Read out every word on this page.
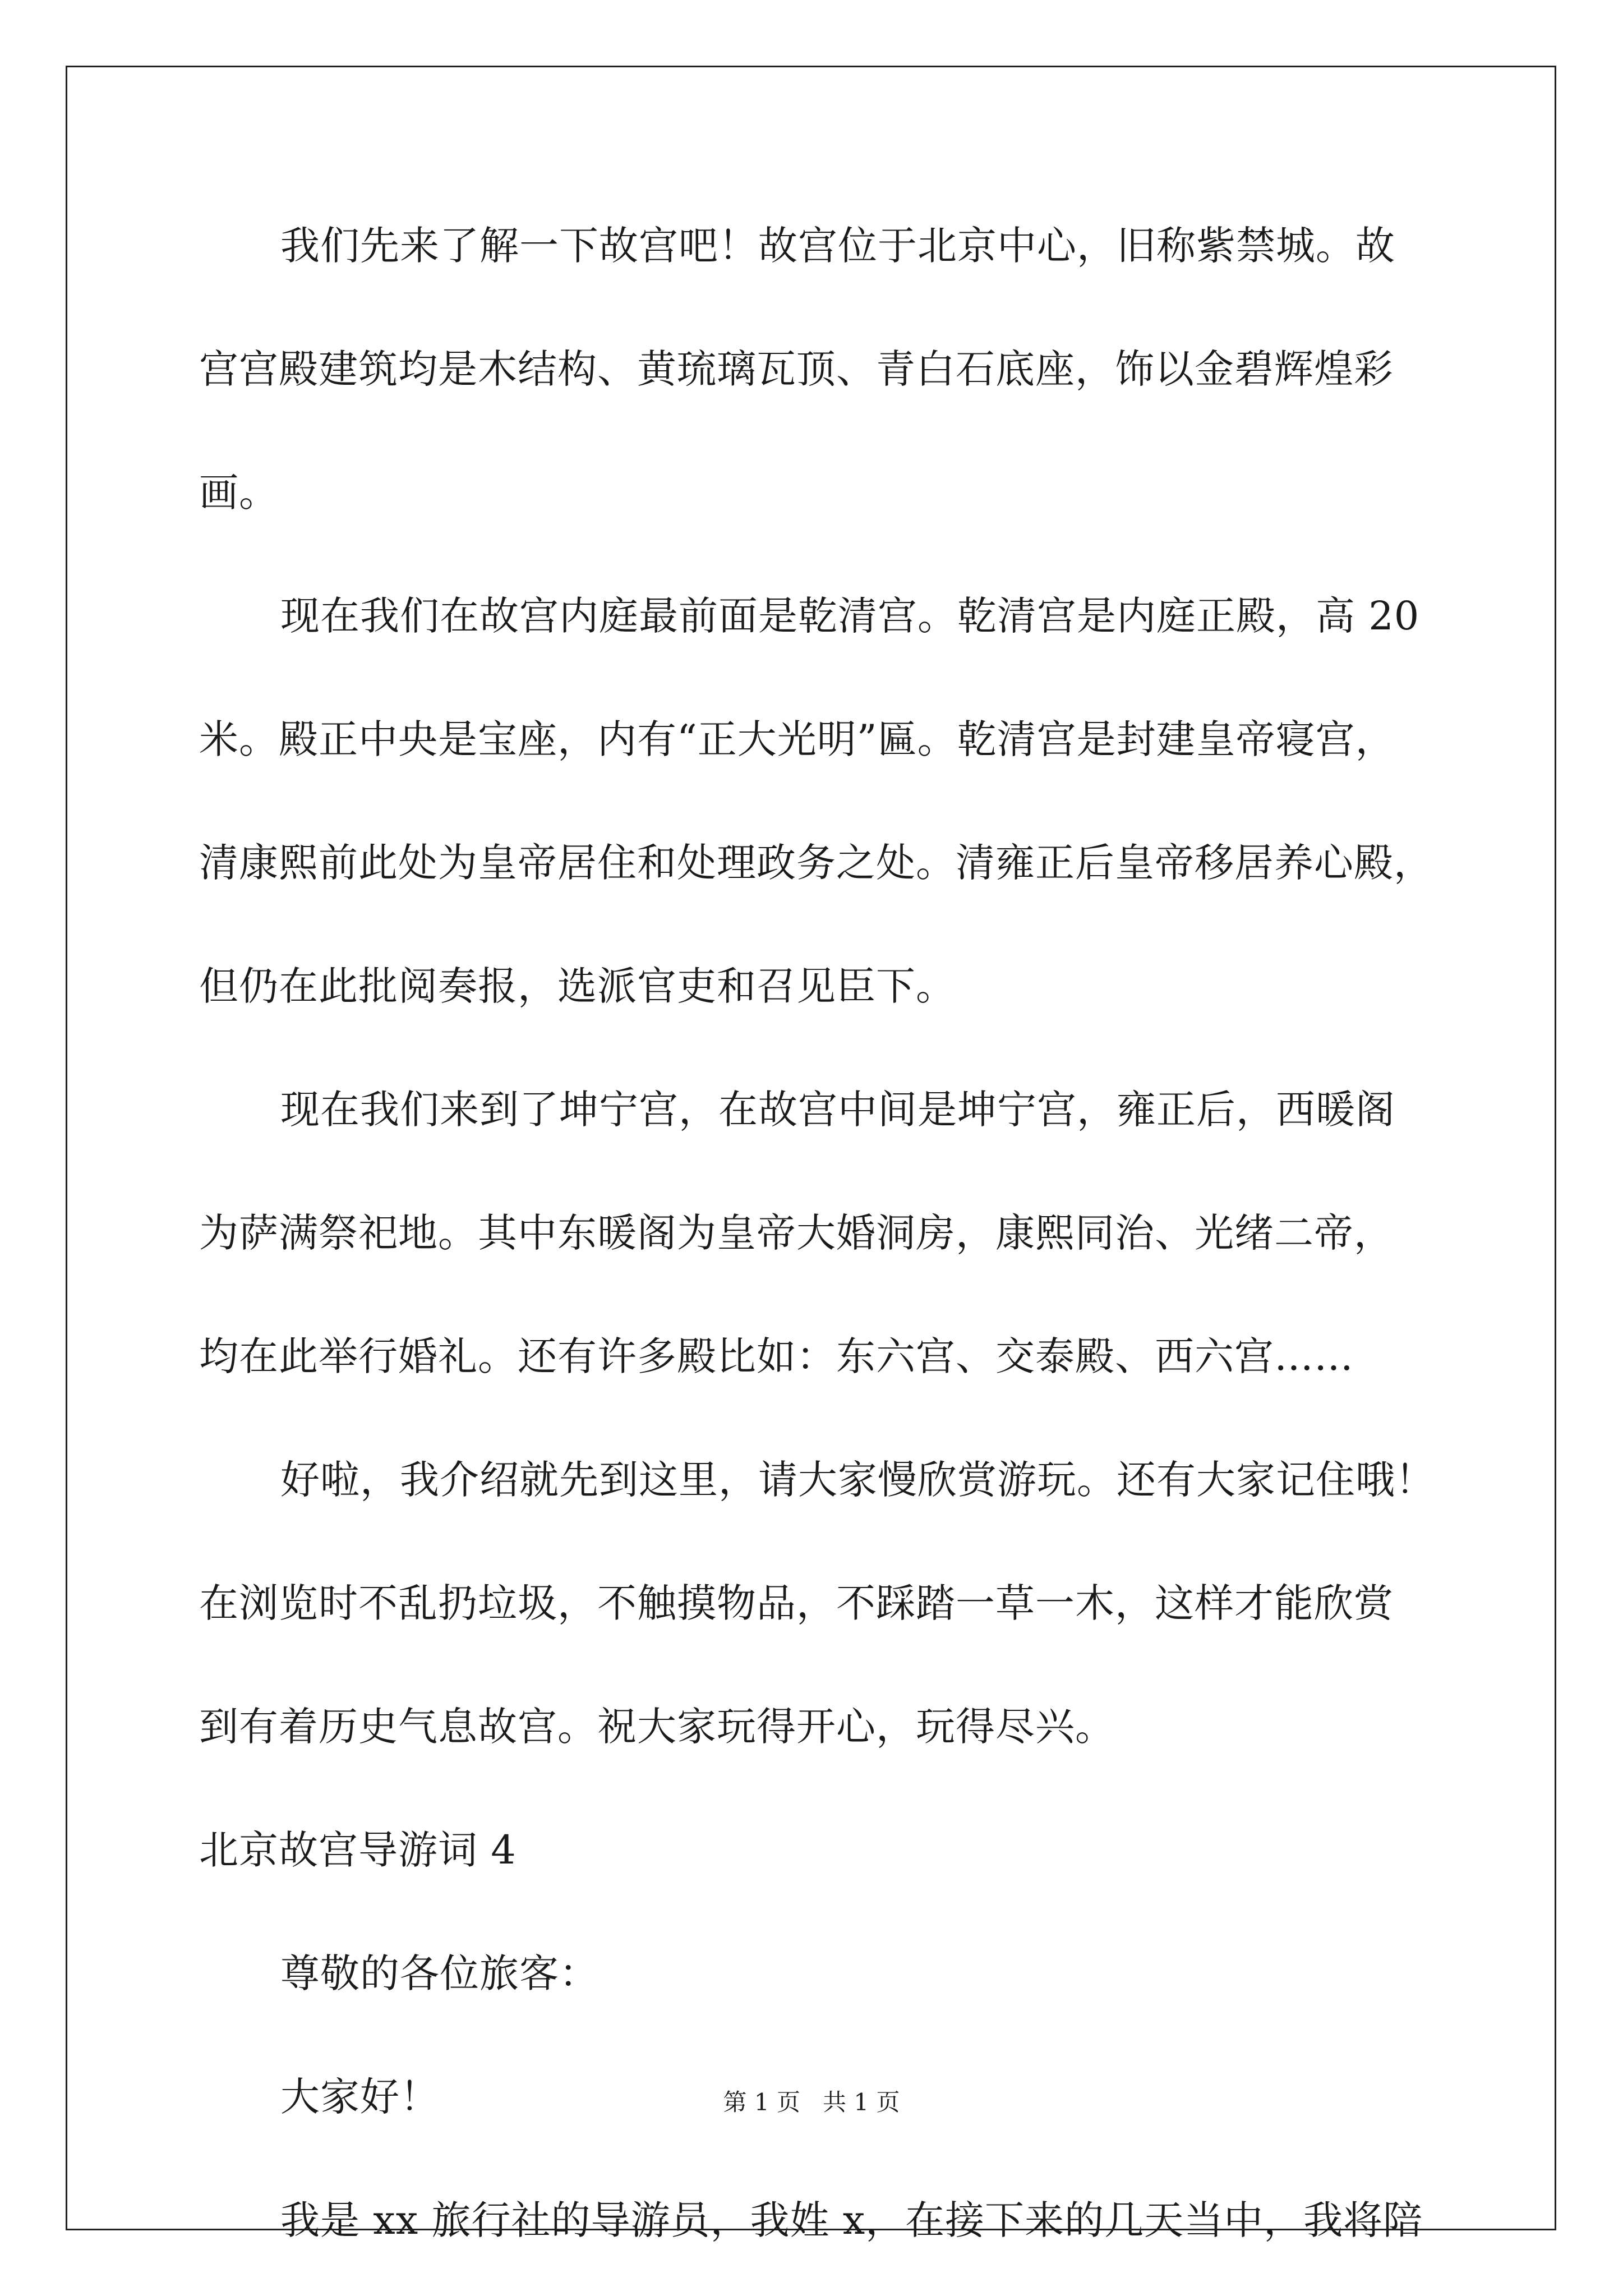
我们先来了解一下故宫吧！故宫位于北京中心，旧称紫禁城。故

宫宫殿建筑均是木结构、黄琉璃瓦顶、青白石底座，饰以金碧辉煌彩

画。

现在我们在故宫内庭最前面是乾清宫。乾清宫是内庭正殿，高 20

米。殿正中央是宝座，内有“正大光明”匾。乾清宫是封建皇帝寝宫，

清康熙前此处为皇帝居住和处理政务之处。清雍正后皇帝移居养心殿，

但仍在此批阅奏报，选派官吏和召见臣下。

现在我们来到了坤宁宫，在故宫中间是坤宁宫，雍正后，西暖阁

为萨满祭祀地。其中东暖阁为皇帝大婚洞房，康熙同治、光绪二帝，

均在此举行婚礼。还有许多殿比如：东六宫、交泰殿、西六宫……

好啦，我介绍就先到这里，请大家慢欣赏游玩。还有大家记住哦！

在浏览时不乱扔垃圾，不触摸物品，不踩踏一草一木，这样才能欣赏

到有着历史气息故宫。祝大家玩得开心，玩得尽兴。

北京故宫导游词 4

尊敬的各位旅客：

大家好！

我是 xx 旅行社的导游员，我姓 x，在接下来的几天当中，我将陪

第 1 页   共 1 页
